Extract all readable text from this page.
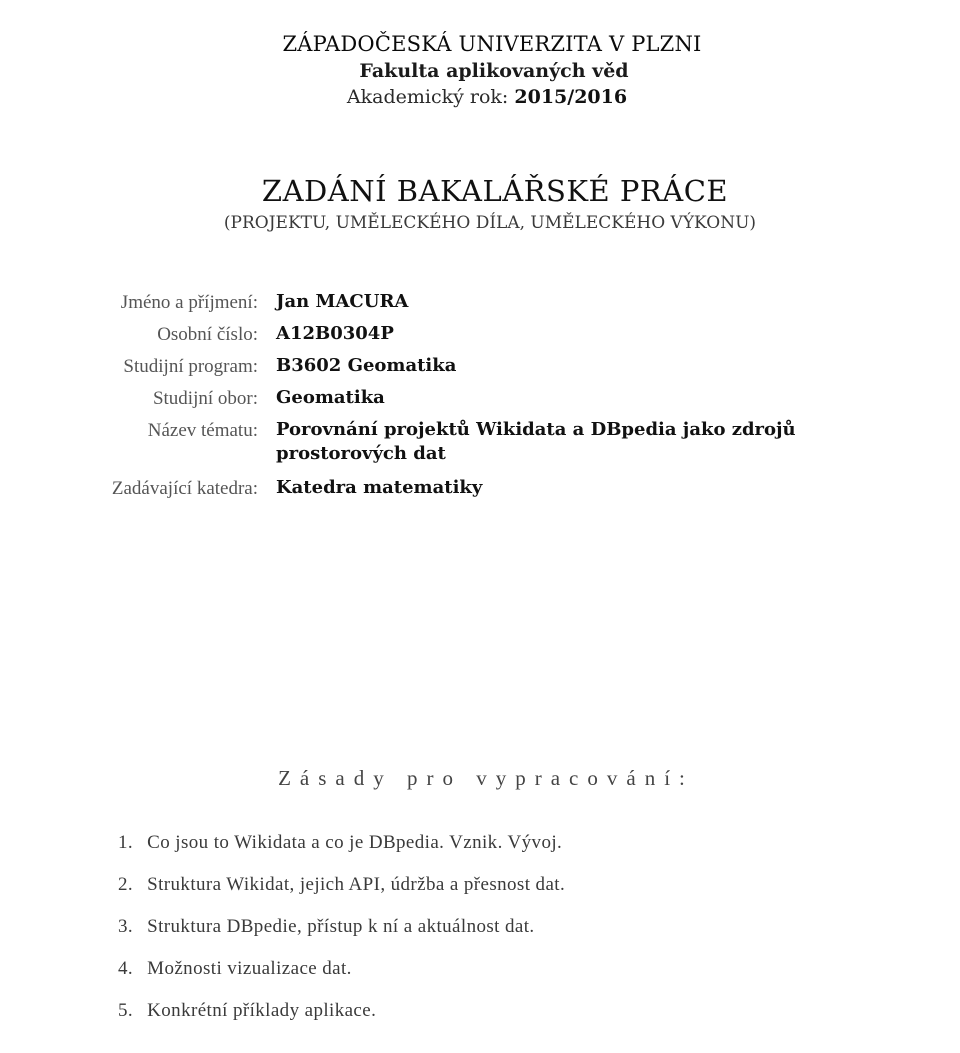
ZÁPADOČESKÁ UNIVERZITA V PLZNI
Fakulta aplikovaných věd
Akademický rok: 2015/2016
ZADÁNÍ BAKALÁŘSKÉ PRÁCE
(PROJEKTU, UMĚLECKÉHO DÍLA, UMĚLECKÉHO VÝKONU)
Jméno a příjmení: Jan MACURA
Osobní číslo: A12B0304P
Studijní program: B3602 Geomatika
Studijní obor: Geomatika
Název tématu: Porovnání projektů Wikidata a DBpedia jako zdrojů prostorových dat
Zadávající katedra: Katedra matematiky
Zásady pro vypracování:
1. Co jsou to Wikidata a co je DBpedia. Vznik. Vývoj.
2. Struktura Wikidat, jejich API, údržba a přesnost dat.
3. Struktura DBpedie, přístup k ní a aktuálnost dat.
4. Možnosti vizualizace dat.
5. Konkrétní příklady aplikace.
